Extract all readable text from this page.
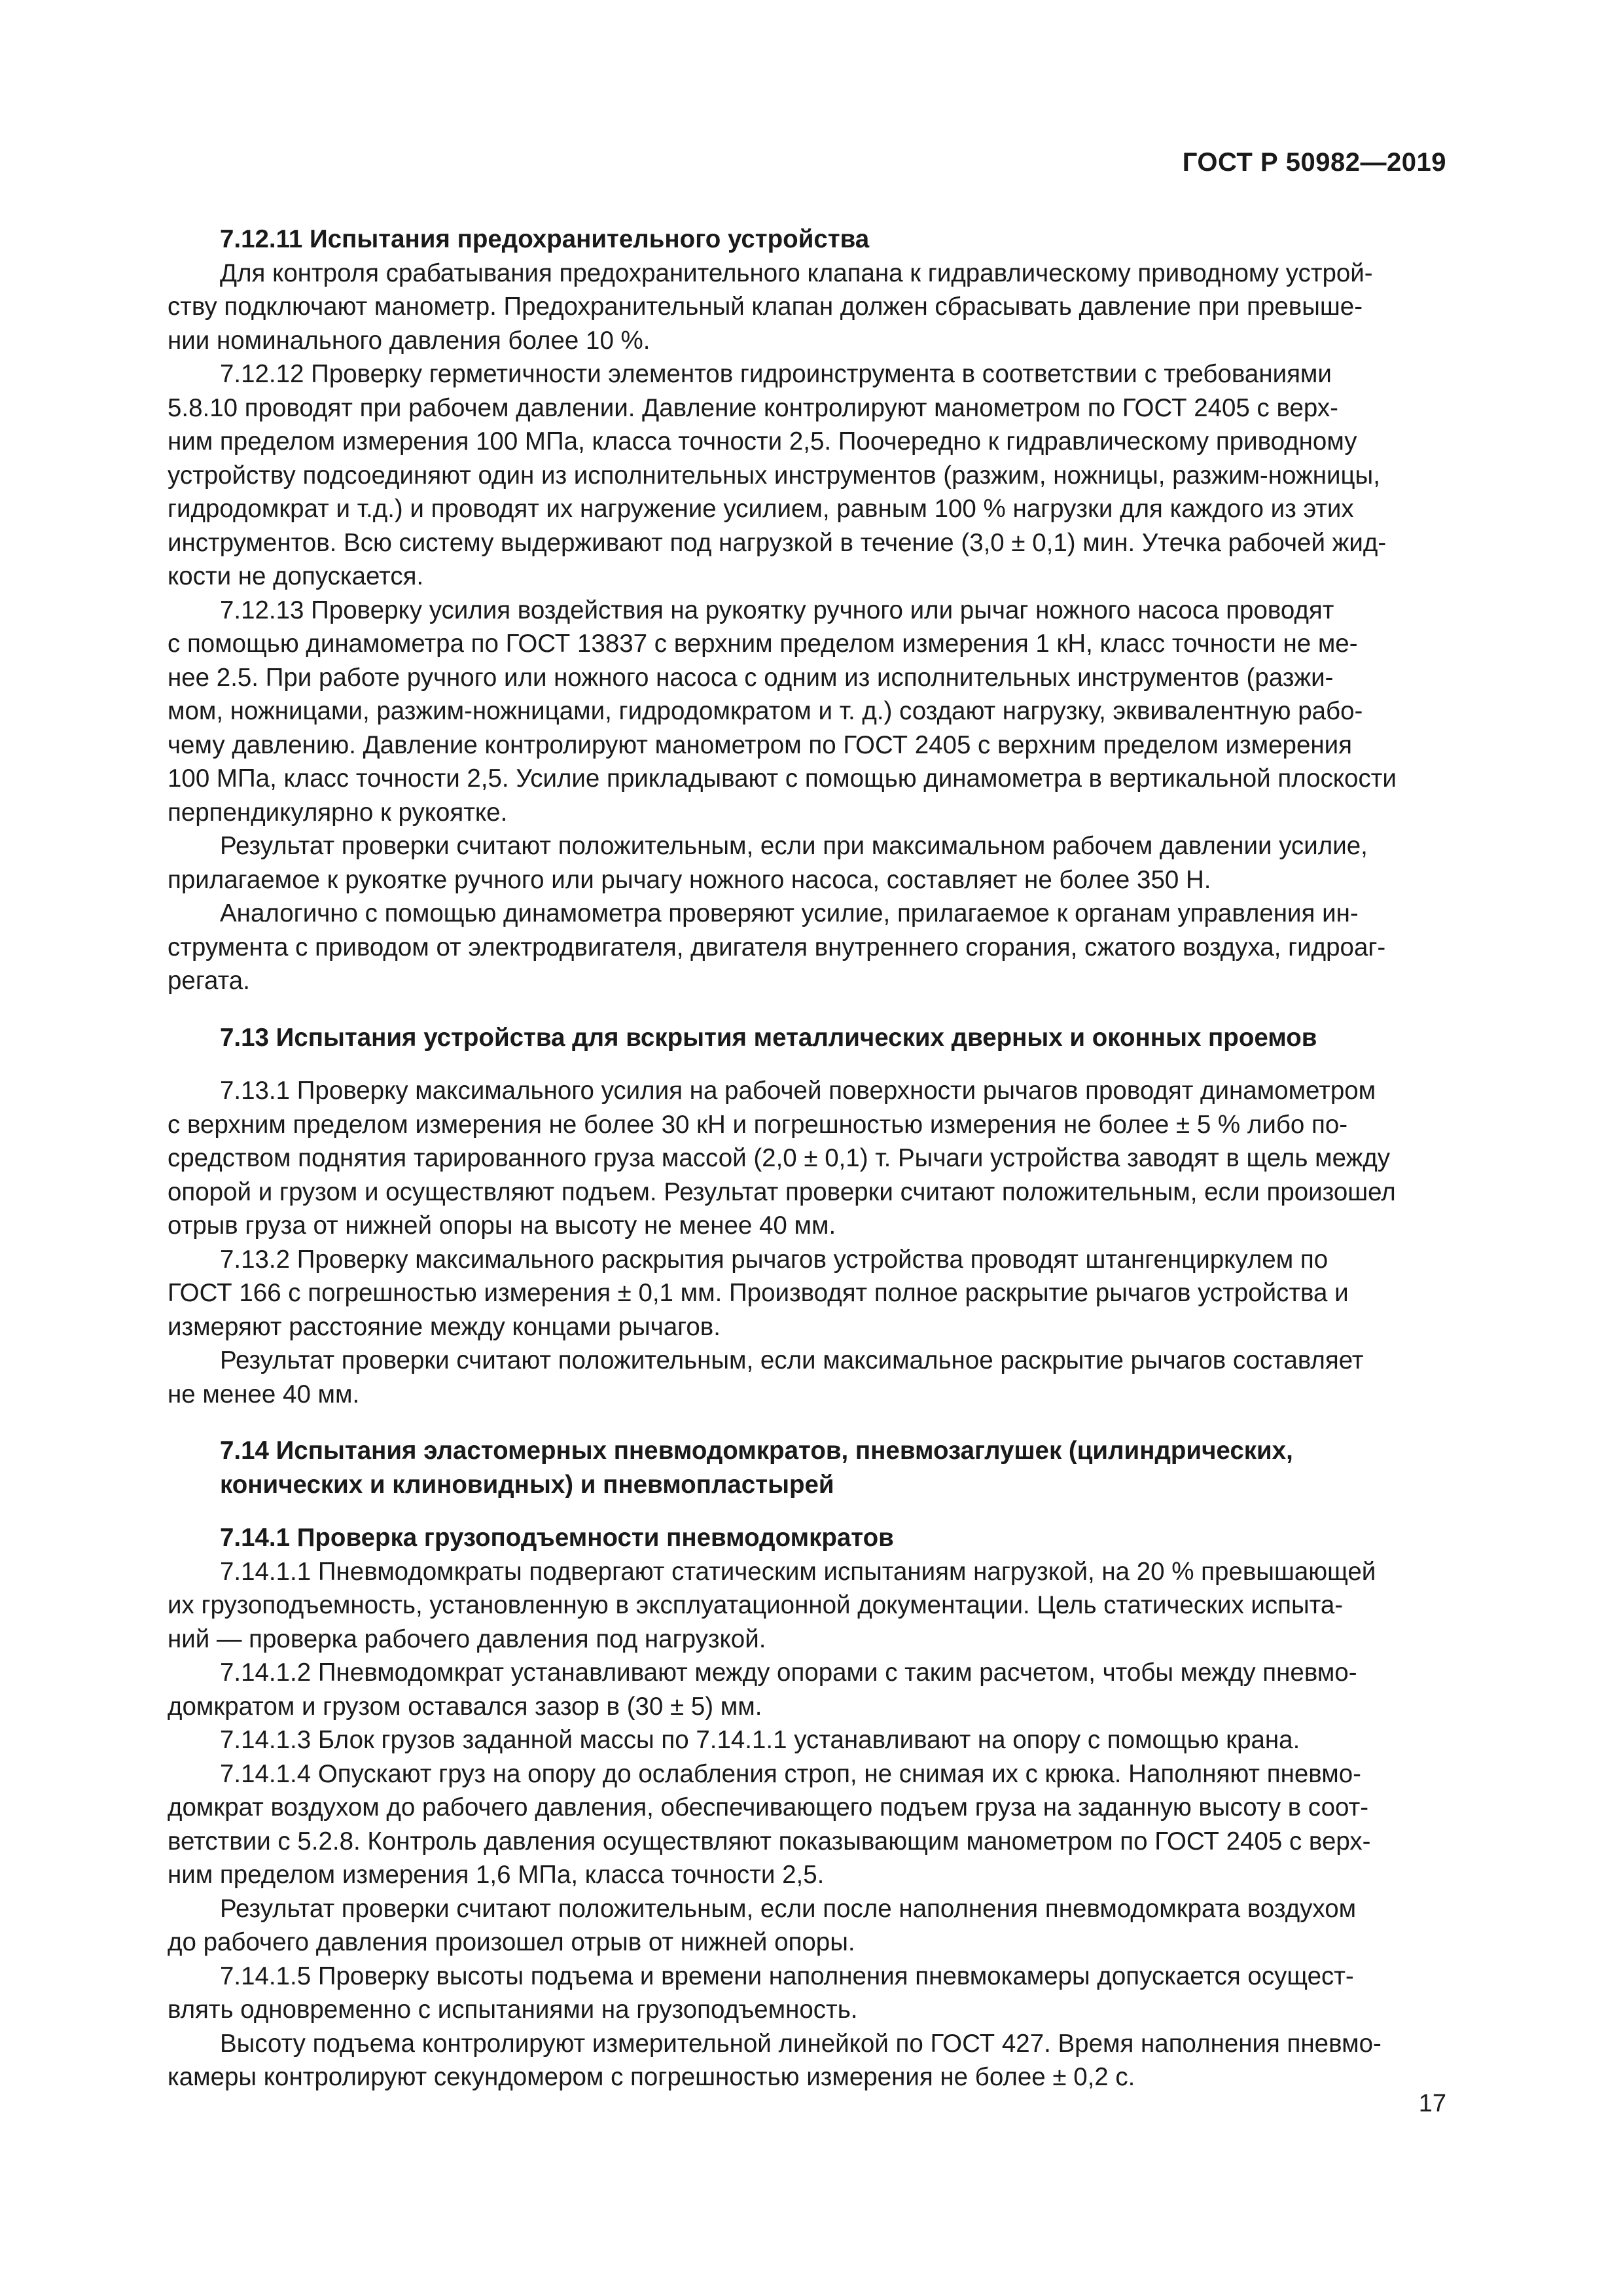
ГОСТ Р 50982—2019

7.12.11 Испытания предохранительного устройства

Для контроля срабатывания предохранительного клапана к гидравлическому приводному устрой-
ству подключают манометр. Предохранительный клапан должен сбрасывать давление при превыше-
нии номинального давления более 10 %.

7.12.12 Проверку герметичности элементов гидроинструмента в соответствии с требованиями
5.8.10 проводят при рабочем давлении. Давление контролируют манометром по ГОСТ 2405 с верх-
ним пределом измерения 100 МПа, класса точности 2,5. Поочередно к гидравлическому приводному
устройству подсоединяют один из исполнительных инструментов (разжим, ножницы, разжим-ножницы,
гидродомкрат и т.д.) и проводят их нагружение усилием, равным 100 % нагрузки для каждого из этих
инструментов. Всю систему выдерживают под нагрузкой в течение (3,0 ± 0,1) мин. Утечка рабочей жид-
кости не допускается.

7.12.13 Проверку усилия воздействия на рукоятку ручного или рычаг ножного насоса проводят
с помощью динамометра по ГОСТ 13837 с верхним пределом измерения 1 кН, класс точности не ме-
нее 2.5. При работе ручного или ножного насоса с одним из исполнительных инструментов (разжи-
мом, ножницами, разжим-ножницами, гидродомкратом и т. д.) создают нагрузку, эквивалентную рабо-
чему давлению. Давление контролируют манометром по ГОСТ 2405 с верхним пределом измерения
100 МПа, класс точности 2,5. Усилие прикладывают с помощью динамометра в вертикальной плоскости
перпендикулярно к рукоятке.

Результат проверки считают положительным, если при максимальном рабочем давлении усилие,
прилагаемое к рукоятке ручного или рычагу ножного насоса, составляет не более 350 Н.

Аналогично с помощью динамометра проверяют усилие, прилагаемое к органам управления ин-
струмента с приводом от электродвигателя, двигателя внутреннего сгорания, сжатого воздуха, гидроаг-
регата.

7.13 Испытания устройства для вскрытия металлических дверных и оконных проемов

7.13.1 Проверку максимального усилия на рабочей поверхности рычагов проводят динамометром
с верхним пределом измерения не более 30 кН и погрешностью измерения не более ± 5 % либо по-
средством поднятия тарированного груза массой (2,0 ± 0,1) т. Рычаги устройства заводят в щель между
опорой и грузом и осуществляют подъем. Результат проверки считают положительным, если произошел
отрыв груза от нижней опоры на высоту не менее 40 мм.

7.13.2 Проверку максимального раскрытия рычагов устройства проводят штангенциркулем по
ГОСТ 166 с погрешностью измерения ± 0,1 мм. Производят полное раскрытие рычагов устройства и
измеряют расстояние между концами рычагов.

Результат проверки считают положительным, если максимальное раскрытие рычагов составляет
не менее 40 мм.

7.14 Испытания эластомерных пневмодомкратов, пневмозаглушек (цилиндрических,
конических и клиновидных) и пневмопластырей

7.14.1 Проверка грузоподъемности пневмодомкратов

7.14.1.1 Пневмодомкраты подвергают статическим испытаниям нагрузкой, на 20 % превышающей
их грузоподъемность, установленную в эксплуатационной документации. Цель статических испыта-
ний — проверка рабочего давления под нагрузкой.

7.14.1.2 Пневмодомкрат устанавливают между опорами с таким расчетом, чтобы между пневмо-
домкратом и грузом оставался зазор в (30 ± 5) мм.

7.14.1.3 Блок грузов заданной массы по 7.14.1.1 устанавливают на опору с помощью крана.

7.14.1.4 Опускают груз на опору до ослабления строп, не снимая их с крюка. Наполняют пневмо-
домкрат воздухом до рабочего давления, обеспечивающего подъем груза на заданную высоту в соот-
ветствии с 5.2.8. Контроль давления осуществляют показывающим манометром по ГОСТ 2405 с верх-
ним пределом измерения 1,6 МПа, класса точности 2,5.

Результат проверки считают положительным, если после наполнения пневмодомкрата воздухом
до рабочего давления произошел отрыв от нижней опоры.

7.14.1.5 Проверку высоты подъема и времени наполнения пневмокамеры допускается осущест-
влять одновременно с испытаниями на грузоподъемность.

Высоту подъема контролируют измерительной линейкой по ГОСТ 427. Время наполнения пневмо-
камеры контролируют секундомером с погрешностью измерения не более ± 0,2 с.

17
